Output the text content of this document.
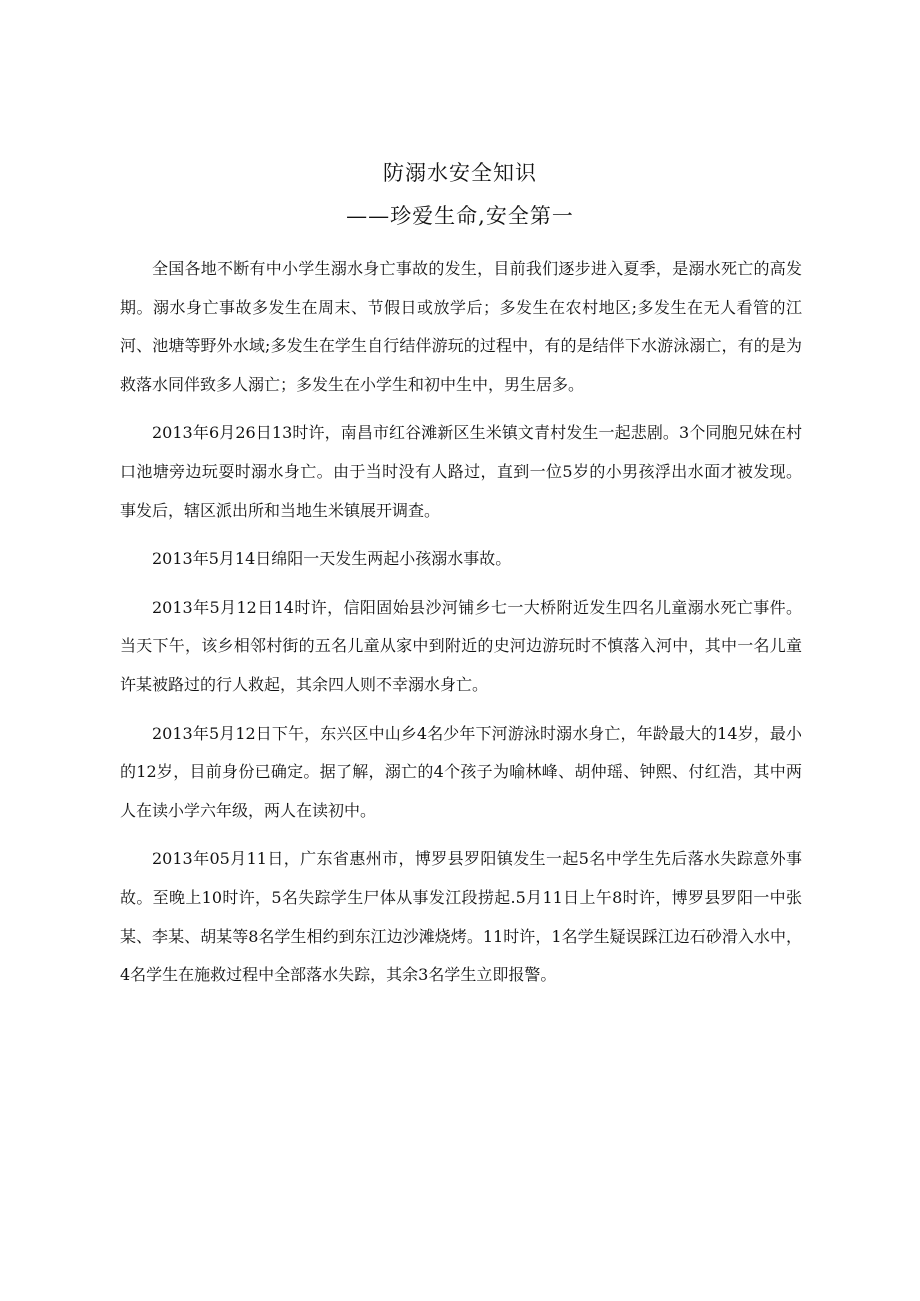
防溺水安全知识
——珍爱生命,安全第一

全国各地不断有中小学生溺水身亡事故的发生，目前我们逐步进入夏季，是溺水死亡的高发期。溺水身亡事故多发生在周末、节假日或放学后；多发生在农村地区;多发生在无人看管的江河、池塘等野外水域;多发生在学生自行结伴游玩的过程中，有的是结伴下水游泳溺亡，有的是为救落水同伴致多人溺亡；多发生在小学生和初中生中，男生居多。

2013年6月26日13时许，南昌市红谷滩新区生米镇文青村发生一起悲剧。3个同胞兄妹在村口池塘旁边玩耍时溺水身亡。由于当时没有人路过，直到一位5岁的小男孩浮出水面才被发现。事发后，辖区派出所和当地生米镇展开调查。

2013年5月14日绵阳一天发生两起小孩溺水事故。

2013年5月12日14时许，信阳固始县沙河铺乡七一大桥附近发生四名儿童溺水死亡事件。当天下午，该乡相邻村街的五名儿童从家中到附近的史河边游玩时不慎落入河中，其中一名儿童许某被路过的行人救起，其余四人则不幸溺水身亡。

2013年5月12日下午，东兴区中山乡4名少年下河游泳时溺水身亡，年龄最大的14岁，最小的12岁，目前身份已确定。据了解，溺亡的4个孩子为喻林峰、胡仲瑶、钟熙、付红浩，其中两人在读小学六年级，两人在读初中。

2013年05月11日，广东省惠州市，博罗县罗阳镇发生一起5名中学生先后落水失踪意外事故。至晚上10时许，5名失踪学生尸体从事发江段捞起.5月11日上午8时许，博罗县罗阳一中张某、李某、胡某等8名学生相约到东江边沙滩烧烤。11时许，1名学生疑误踩江边石砂滑入水中，4名学生在施救过程中全部落水失踪，其余3名学生立即报警。
